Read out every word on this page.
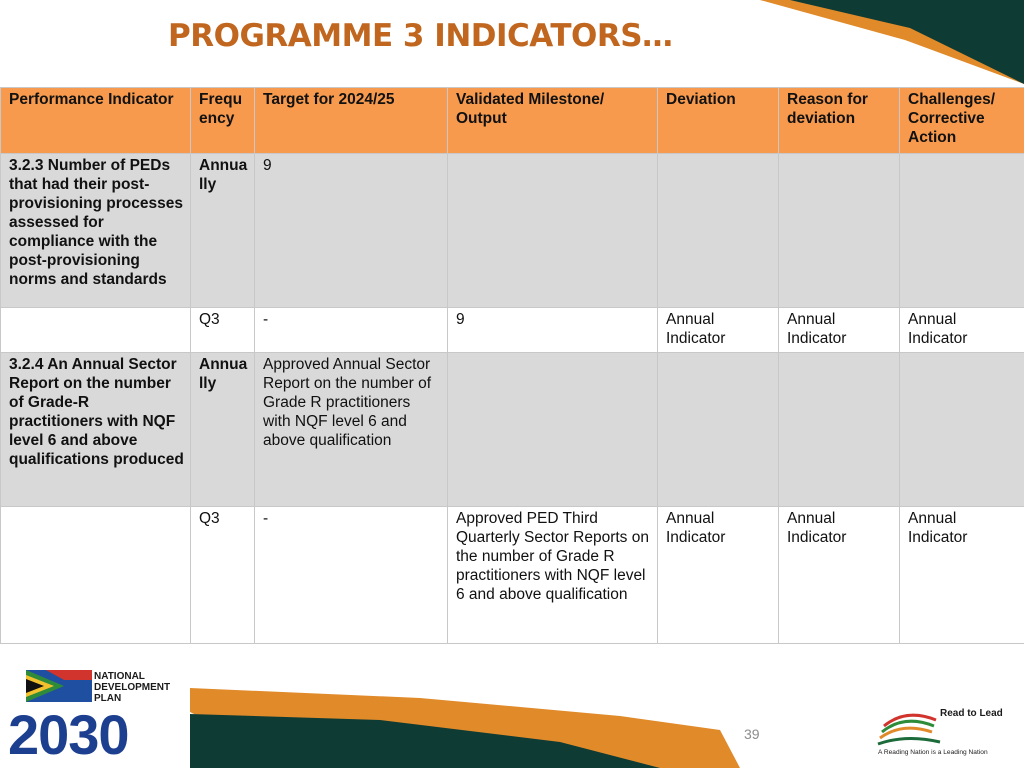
PROGRAMME 3 INDICATORS…
Performance Indicator	Frequ ency	Target for 2024/25	Validated Milestone/ Output	Deviation	Reason for deviation	Challenges/ Corrective Action
3.2.3 Number of PEDs that had their post-provisioning processes assessed for compliance with the post-provisioning norms and standards	Annua lly	9				
	Q3	-	9	Annual Indicator	Annual Indicator	Annual Indicator
3.2.4 An Annual Sector Report on the number of Grade-R practitioners with NQF level 6 and above qualifications produced	Annua lly	Approved Annual Sector Report on the number of Grade R practitioners with NQF level 6 and above qualification				
	Q3	-	Approved PED Third Quarterly Sector Reports on the number of Grade R practitioners with NQF level 6 and above qualification	Annual Indicator	Annual Indicator	Annual Indicator
NATIONAL
DEVELOPMENT
PLAN
2030	39
Read to Lead
A Reading Nation is a Leading Nation
